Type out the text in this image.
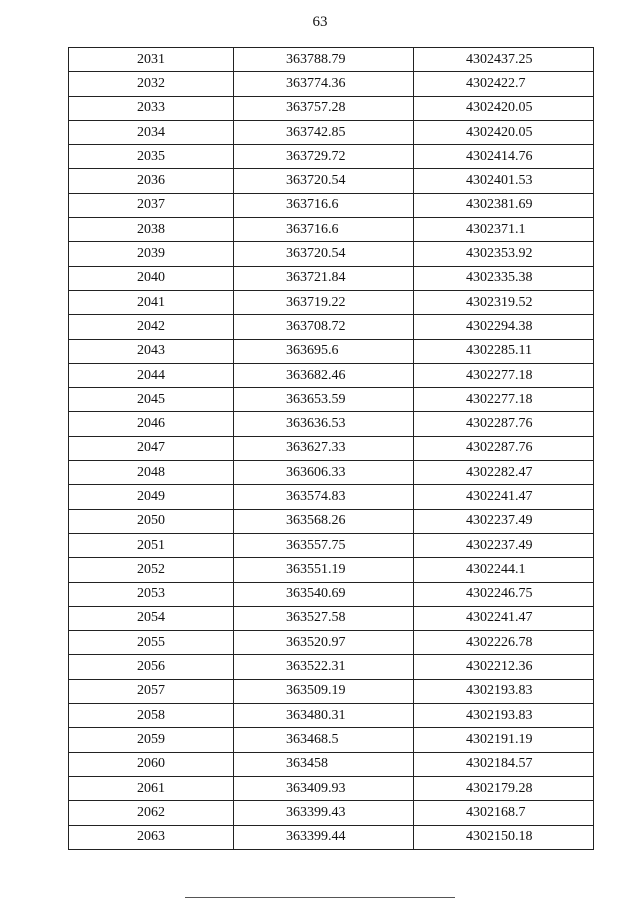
63
2031	363788.79	4302437.25
2032	363774.36	4302422.7
2033	363757.28	4302420.05
2034	363742.85	4302420.05
2035	363729.72	4302414.76
2036	363720.54	4302401.53
2037	363716.6	4302381.69
2038	363716.6	4302371.1
2039	363720.54	4302353.92
2040	363721.84	4302335.38
2041	363719.22	4302319.52
2042	363708.72	4302294.38
2043	363695.6	4302285.11
2044	363682.46	4302277.18
2045	363653.59	4302277.18
2046	363636.53	4302287.76
2047	363627.33	4302287.76
2048	363606.33	4302282.47
2049	363574.83	4302241.47
2050	363568.26	4302237.49
2051	363557.75	4302237.49
2052	363551.19	4302244.1
2053	363540.69	4302246.75
2054	363527.58	4302241.47
2055	363520.97	4302226.78
2056	363522.31	4302212.36
2057	363509.19	4302193.83
2058	363480.31	4302193.83
2059	363468.5	4302191.19
2060	363458	4302184.57
2061	363409.93	4302179.28
2062	363399.43	4302168.7
2063	363399.44	4302150.18
